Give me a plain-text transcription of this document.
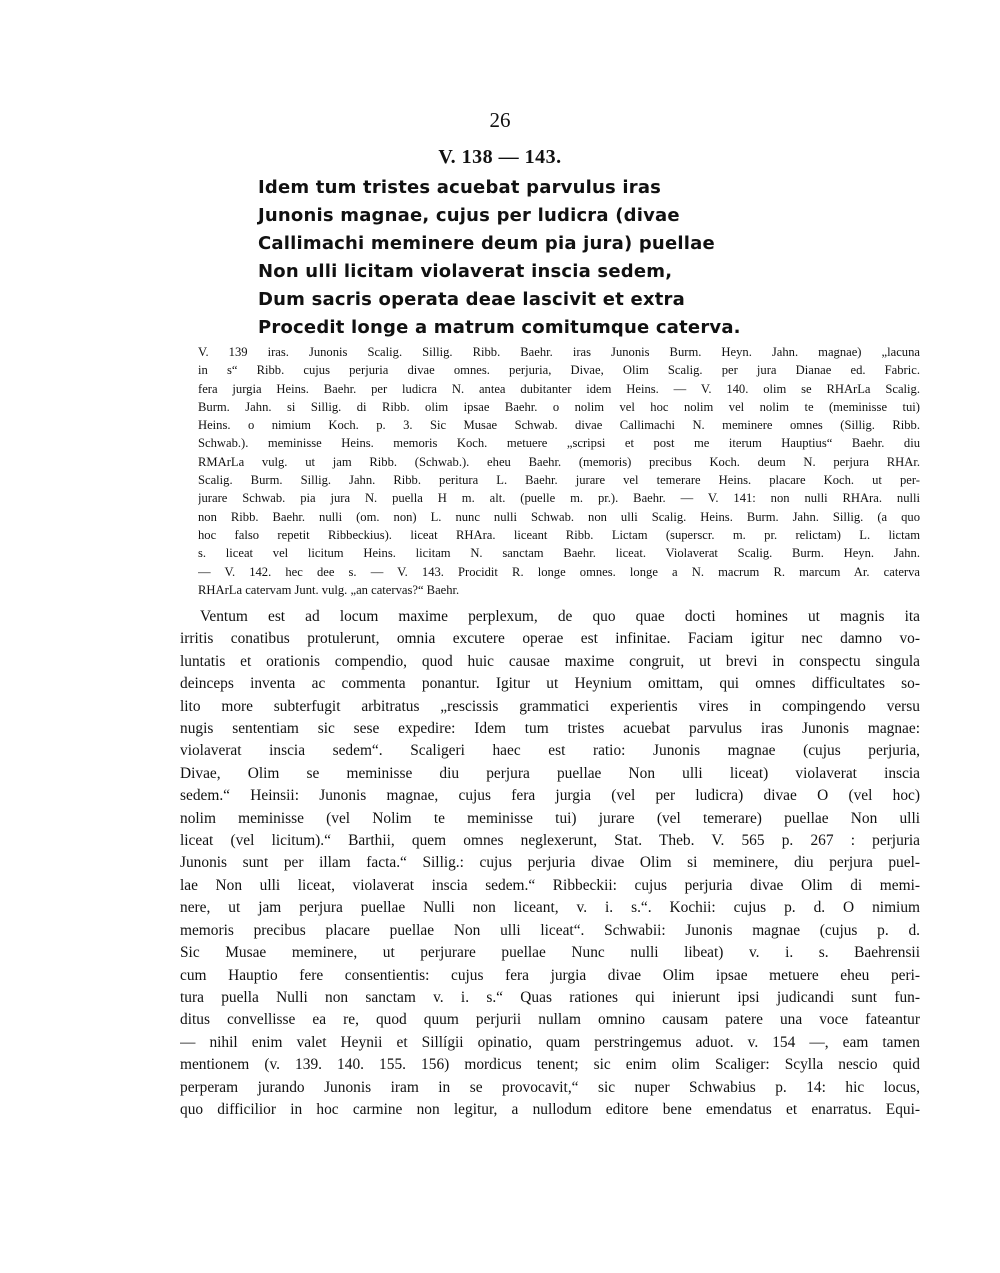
26
V. 138 — 143.
Idem tum tristes acuebat parvulus iras
Junonis magnae, cujus per ludicra (divae
Callimachi meminere deum pia jura) puellae
Non ulli licitam violaverat inscia sedem,
Dum sacris operata deae lascivit et extra
Procedit longe a matrum comitumque caterva.
V. 139 iras. Junonis Scalig. Sillig. Ribb. Baehr. iras Junonis Burm. Heyn. Jahn. magnae) „lacuna
in s“ Ribb. cujus perjuria divae omnes. perjuria, Divae, Olim Scalig. per jura Dianae ed. Fabric.
fera jurgia Heins. Baehr. per ludicra N. antea dubitanter idem Heins. — V. 140. olim se RHArLa Scalig.
Burm. Jahn. si Sillig. di Ribb. olim ipsae Baehr. o nolim vel hoc nolim vel nolim te (meminisse tui)
Heins. o nimium Koch. p. 3. Sic Musae Schwab. divae Callimachi N. meminere omnes (Sillig. Ribb.
Schwab.). meminisse Heins. memoris Koch. metuere „scripsi et post me iterum Hauptius“ Baehr. diu
RMArLa vulg. ut jam Ribb. (Schwab.). eheu Baehr. (memoris) precibus Koch. deum N. perjura RHAr.
Scalig. Burm. Sillig. Jahn. Ribb. peritura L. Baehr. jurare vel temerare Heins. placare Koch. ut per-
jurare Schwab. pia jura N. puella H m. alt. (puelle m. pr.). Baehr. — V. 141: non nulli RHAra. nulli
non Ribb. Baehr. nulli (om. non) L. nunc nulli Schwab. non ulli Scalig. Heins. Burm. Jahn. Sillig. (a quo
hoc falso repetit Ribbeckius). liceat RHAra. liceant Ribb. Lictam (superscr. m. pr. relictam) L. lictam
s. liceat vel licitum Heins. licitam N. sanctam Baehr. liceat. Violaverat Scalig. Burm. Heyn. Jahn.
— V. 142. hec dee s. — V. 143. Procidit R. longe omnes. longe a N. macrum R. marcum Ar. caterva
RHArLa catervam Junt. vulg. „an catervas?“ Baehr.
Ventum est ad locum maxime perplexum, de quo quae docti homines ut magnis ita
irritis conatibus protulerunt, omnia excutere operae est infinitae. Faciam igitur nec damno vo-
luntatis et orationis compendio, quod huic causae maxime congruit, ut brevi in conspectu singula
deinceps inventa ac commenta ponantur. Igitur ut Heynium omittam, qui omnes difficultates so-
lito more subterfugit arbitratus „rescissis grammatici experientis vires in compingendo versu
nugis sententiam sic sese expedire: Idem tum tristes acuebat parvulus iras Junonis magnae:
violaverat inscia sedem“. Scaligeri haec est ratio: Junonis magnae (cujus perjuria,
Divae, Olim se meminisse diu perjura puellae Non ulli liceat) violaverat inscia
sedem.“ Heinsii: Junonis magnae, cujus fera jurgia (vel per ludicra) divae O (vel hoc)
nolim meminisse (vel Nolim te meminisse tui) jurare (vel temerare) puellae Non ulli
liceat (vel licitum).“ Barthii, quem omnes neglexerunt, Stat. Theb. V. 565 p. 267 : perjuria
Junonis sunt per illam facta.“ Sillig.: cujus perjuria divae Olim si meminere, diu perjura puel-
lae Non ulli liceat, violaverat inscia sedem.“ Ribbeckii: cujus perjuria divae Olim di memi-
nere, ut jam perjura puellae Nulli non liceant, v. i. s.“. Kochii: cujus p. d. O nimium
memoris precibus placare puellae Non ulli liceat“. Schwabii: Junonis magnae (cujus p. d.
Sic Musae meminere, ut perjurare puellae Nunc nulli libeat) v. i. s. Baehrensii
cum Hauptio fere consentientis: cujus fera jurgia divae Olim ipsae metuere eheu peri-
tura puella Nulli non sanctam v. i. s.“ Quas rationes qui inierunt ipsi judicandi sunt fun-
ditus convellisse ea re, quod quum perjurii nullam omnino causam patere una voce fateantur
— nihil enim valet Heynii et Sillígii opinatio, quam perstringemus aduot. v. 154 —, eam tamen
mentionem (v. 139. 140. 155. 156) mordicus tenent; sic enim olim Scaliger: Scylla nescio quid
perperam jurando Junonis iram in se provocavit,“ sic nuper Schwabius p. 14: hic locus,
quo difficilior in hoc carmine non legitur, a nullodum editore bene emendatus et enarratus. Equi-
